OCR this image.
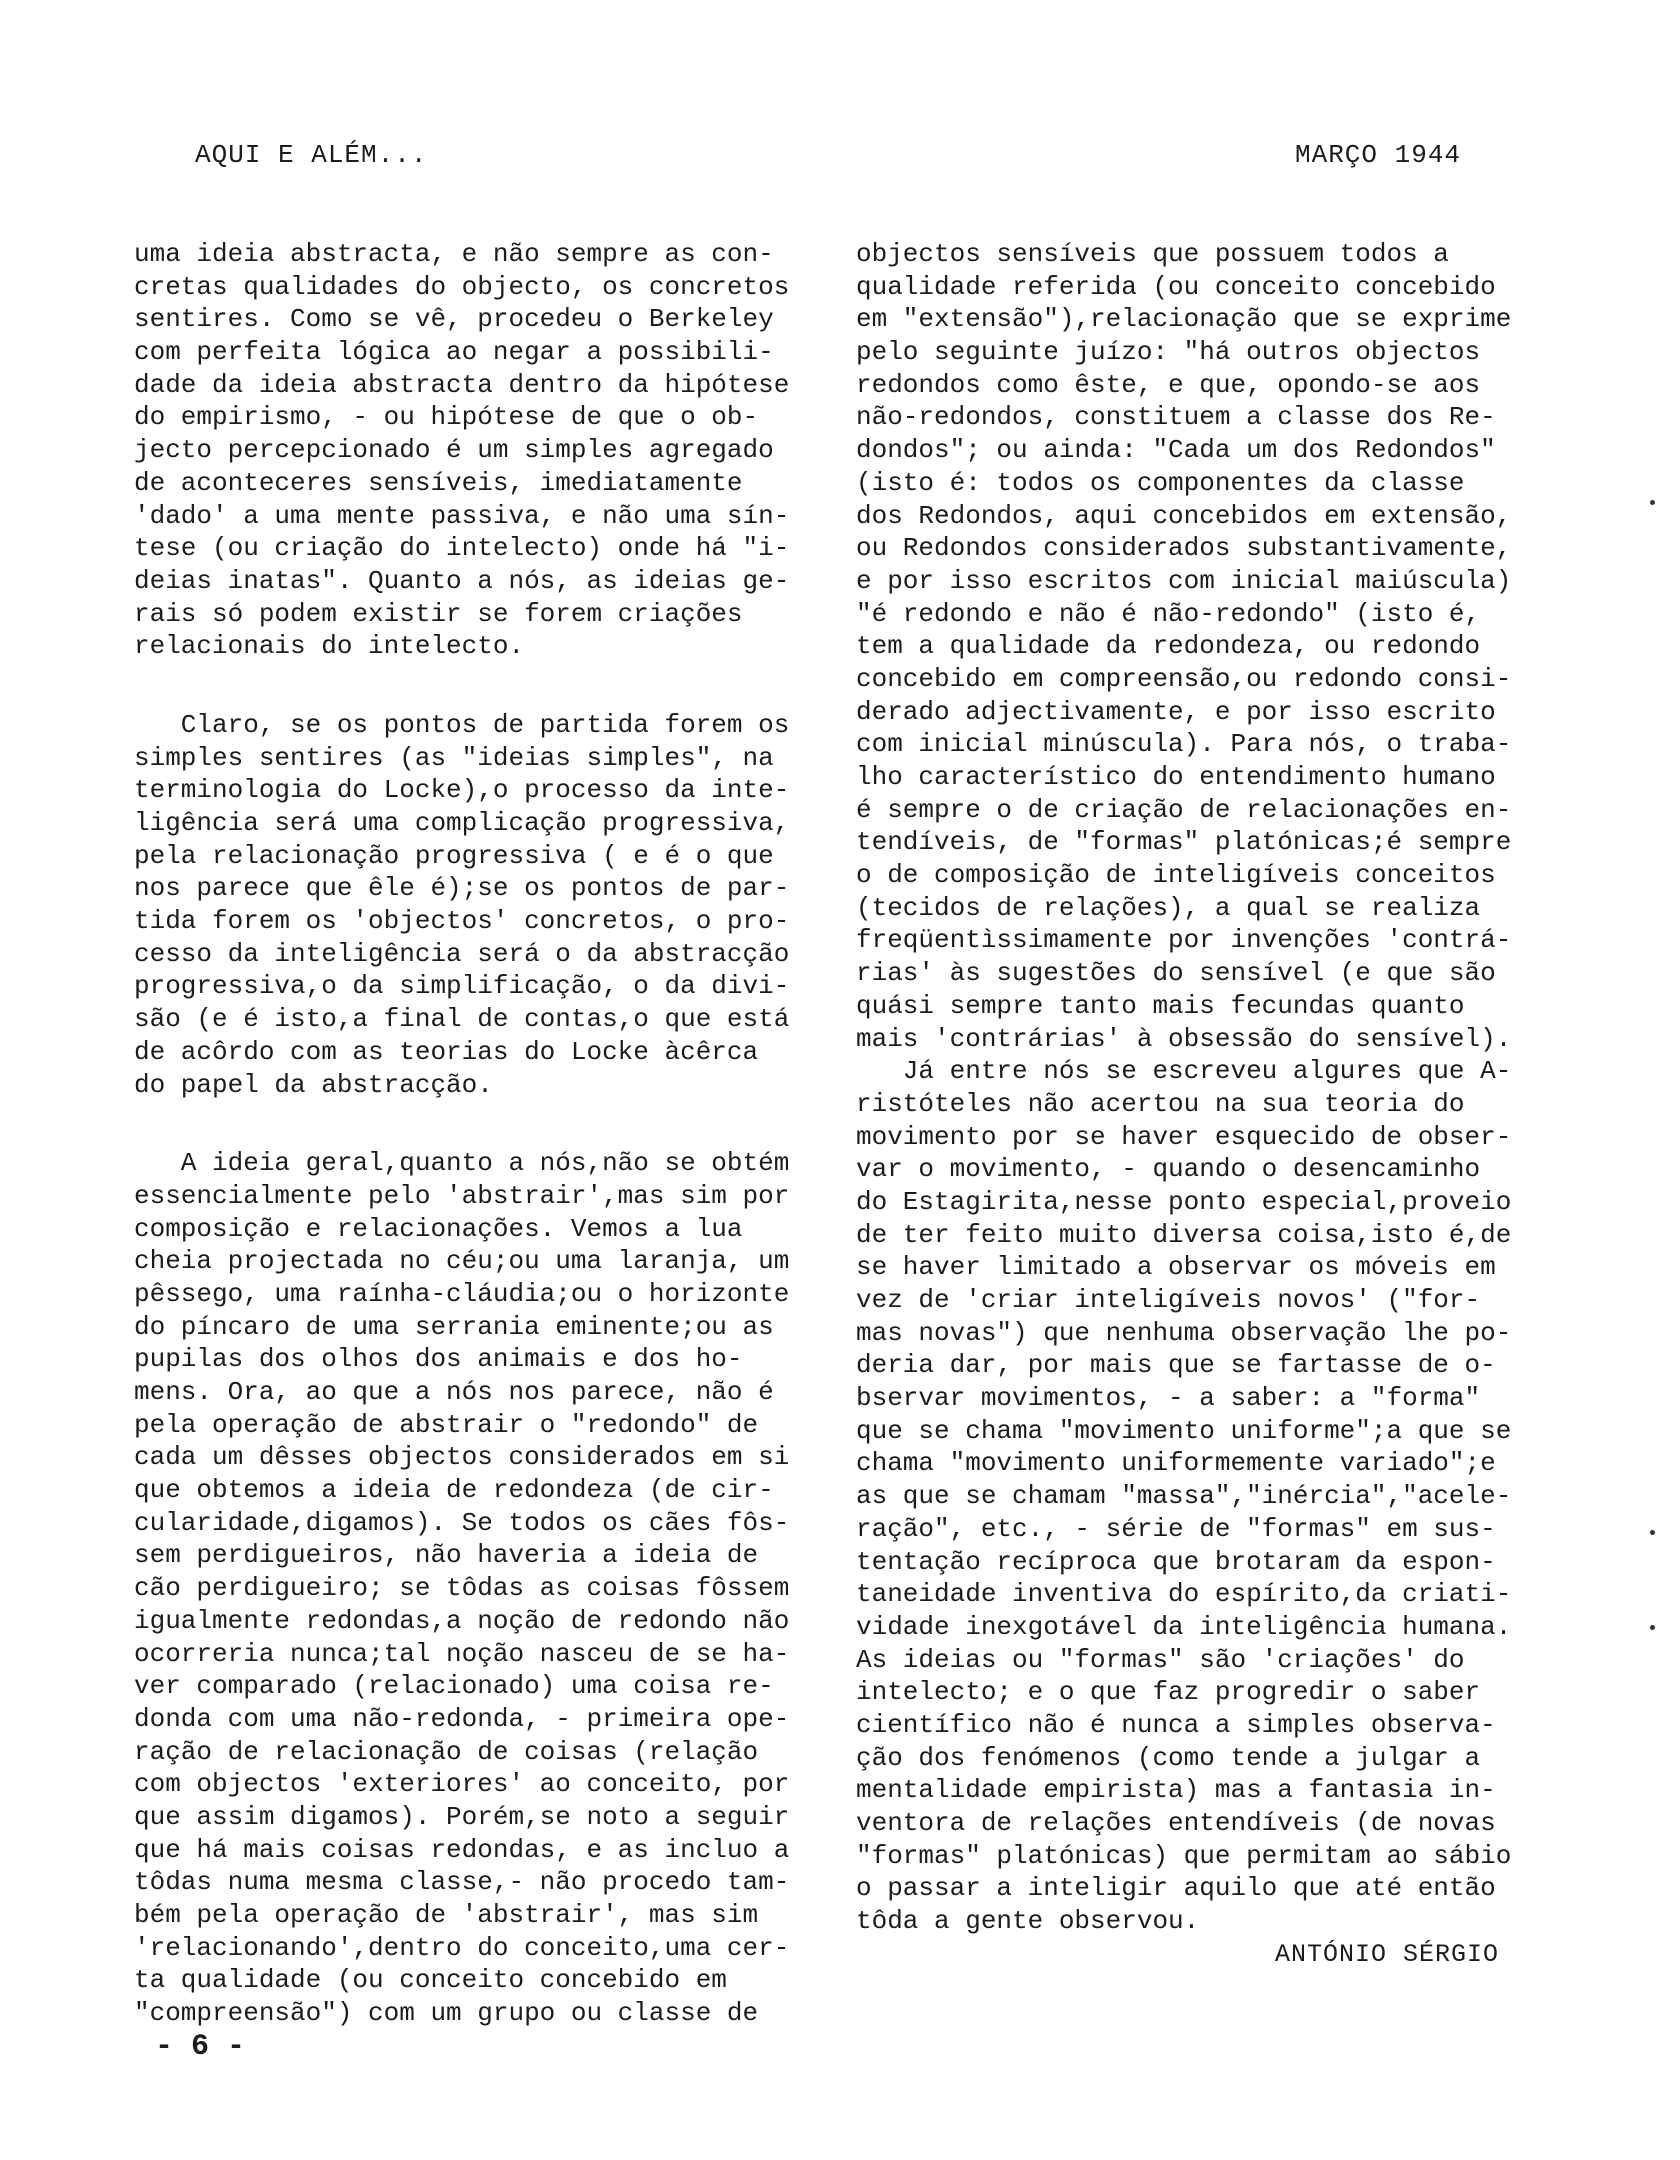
AQUI E ALÉM...	MARÇO 1944
uma ideia abstracta, e não sempre as con-
cretas qualidades do objecto, os concretos
sentires. Como se vê, procedeu o Berkeley
com perfeita lógica ao negar a possibili-
dade da ideia abstracta dentro da hipótese
do empirismo, - ou hipótese de que o ob-
jecto percepcionado é um simples agregado
de aconteceres sensíveis, imediatamente
'dado' a uma mente passiva, e não uma sín-
tese (ou criação do intelecto) onde há "i-
deias inatas". Quanto a nós, as ideias ge-
rais só podem existir se forem criações
relacionais do intelecto.
Claro, se os pontos de partida forem os
simples sentires (as "ideias simples", na
terminologia do Locke),o processo da inte-
ligência será uma complicação progressiva,
pela relacionação progressiva ( e é o que
nos parece que êle é);se os pontos de par-
tida forem os 'objectos' concretos, o pro-
cesso da inteligência será o da abstracção
progressiva,o da simplificação, o da divi-
são (e é isto,a final de contas,o que está
de acôrdo com as teorias do Locke àcêrca
do papel da abstracção.
A ideia geral,quanto a nós,não se obtém
essencialmente pelo 'abstrair',mas sim por
composição e relacionações. Vemos a lua
cheia projectada no céu;ou uma laranja, um
pêssego, uma raínha-cláudia;ou o horizonte
do píncaro de uma serrania eminente;ou as
pupilas dos olhos dos animais e dos ho-
mens. Ora, ao que a nós nos parece, não é
pela operação de abstrair o "redondo" de
cada um dêsses objectos considerados em si
que obtemos a ideia de redondeza (de cir-
cularidade,digamos). Se todos os cães fôs-
sem perdigueiros, não haveria a ideia de
cão perdigueiro; se tôdas as coisas fôssem
igualmente redondas,a noção de redondo não
ocorreria nunca;tal noção nasceu de se ha-
ver comparado (relacionado) uma coisa re-
donda com uma não-redonda, - primeira ope-
ração de relacionação de coisas (relação
com objectos 'exteriores' ao conceito, por
que assim digamos). Porém,se noto a seguir
que há mais coisas redondas, e as incluo a
tôdas numa mesma classe,- não procedo tam-
bém pela operação de 'abstrair', mas sim
'relacionando',dentro do conceito,uma cer-
ta qualidade (ou conceito concebido em
"compreensão") com um grupo ou classe de
objectos sensíveis que possuem todos a
qualidade referida (ou conceito concebido
em "extensão"),relacionação que se exprime
pelo seguinte juízo: "há outros objectos
redondos como êste, e que, opondo-se aos
não-redondos, constituem a classe dos Re-
dondos"; ou ainda: "Cada um dos Redondos"
(isto é: todos os componentes da classe
dos Redondos, aqui concebidos em extensão,
ou Redondos considerados substantivamente,
e por isso escritos com inicial maiúscula)
"é redondo e não é não-redondo" (isto é,
tem a qualidade da redondeza, ou redondo
concebido em compreensão,ou redondo consi-
derado adjectivamente, e por isso escrito
com inicial minúscula). Para nós, o traba-
lho característico do entendimento humano
é sempre o de criação de relacionações en-
tendíveis, de "formas" platónicas;é sempre
o de composição de inteligíveis conceitos
(tecidos de relações), a qual se realiza
freqüentìssimamente por invenções 'contrá-
rias' às sugestões do sensível (e que são
quási sempre tanto mais fecundas quanto
mais 'contrárias' à obsessão do sensível).
Já entre nós se escreveu algures que A-
ristóteles não acertou na sua teoria do
movimento por se haver esquecido de obser-
var o movimento, - quando o desencaminho
do Estagirita,nesse ponto especial,proveio
de ter feito muito diversa coisa,isto é,de
se haver limitado a observar os móveis em
vez de 'criar inteligíveis novos' ("for-
mas novas") que nenhuma observação lhe po-
deria dar, por mais que se fartasse de o-
bservar movimentos, - a saber: a "forma"
que se chama "movimento uniforme";a que se
chama "movimento uniformemente variado";e
as que se chamam "massa","inércia","acele-
ração", etc., - série de "formas" em sus-
tentação recíproca que brotaram da espon-
taneidade inventiva do espírito,da criati-
vidade inexgotável da inteligência humana.
As ideias ou "formas" são 'criações' do
intelecto; e o que faz progredir o saber
científico não é nunca a simples observa-
ção dos fenómenos (como tende a julgar a
mentalidade empirista) mas a fantasia in-
ventora de relações entendíveis (de novas
"formas" platónicas) que permitam ao sábio
o passar a inteligir aquilo que até então
tôda a gente observou.
ANTÓNIO SÉRGIO
- 6 -
